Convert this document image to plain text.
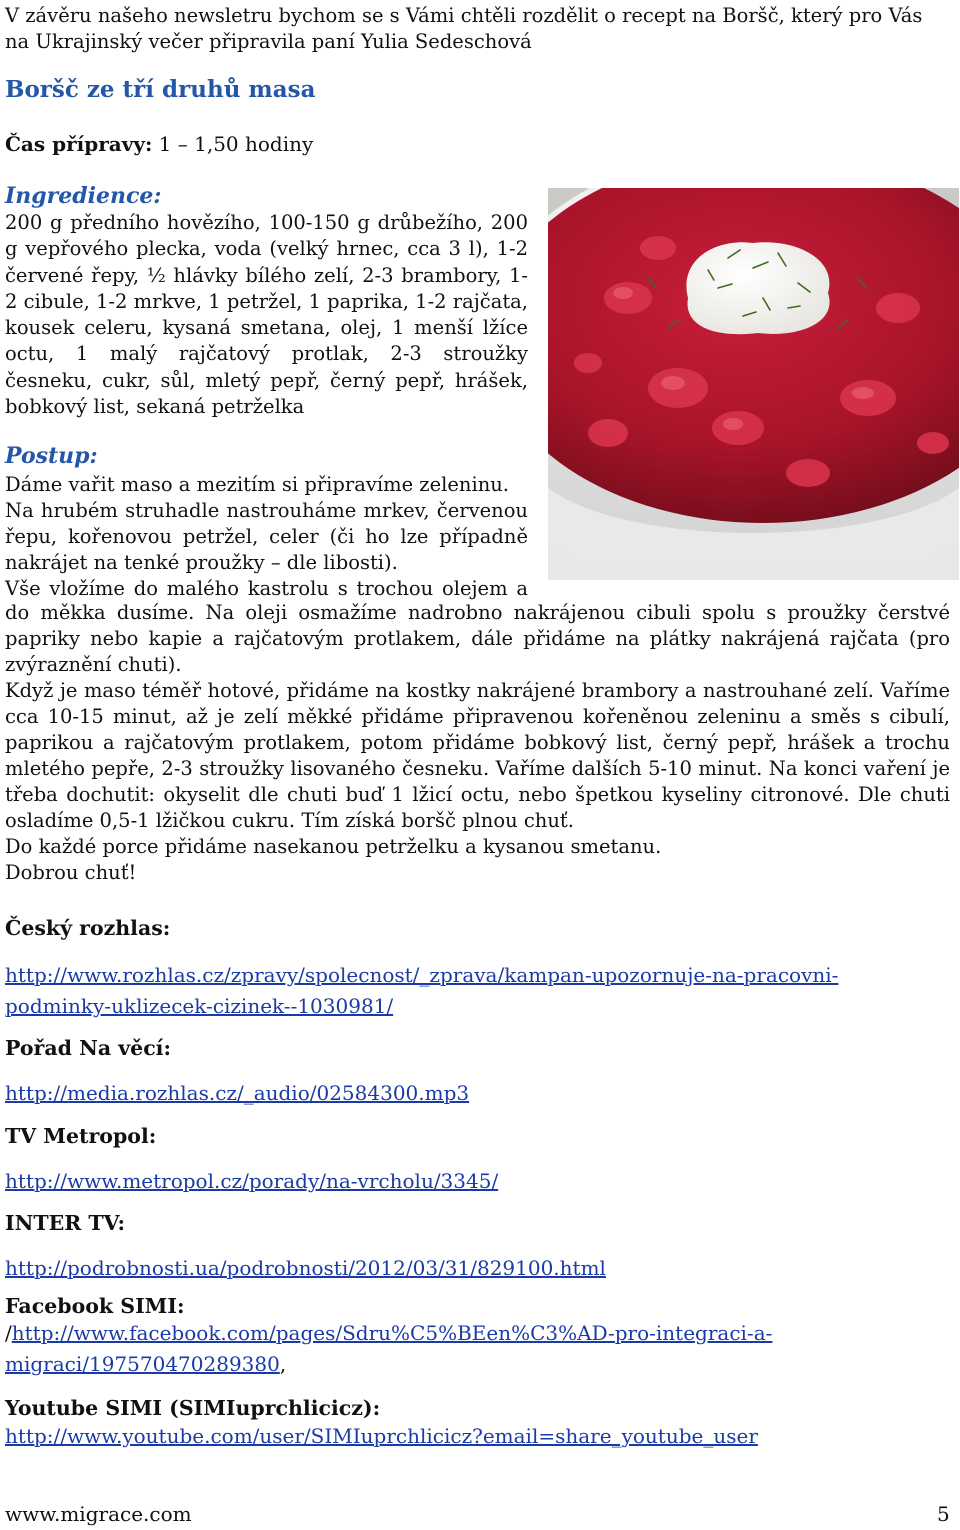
V závěru našeho newsletru bychom se s Vámi chtěli rozdělit o recept na Boršč, který pro Vás na Ukrajinský večer připravila paní Yulia Sedeschová

Boršč ze tří druhů masa

Čas přípravy: 1 – 1,50 hodiny

Ingredience:

200 g předního hovězího, 100-150 g drůbežího, 200 g vepřového plecka, voda (velký hrnec, cca 3 l), 1-2 červené řepy, ½ hlávky bílého zelí, 2-3 brambory, 1-2 cibule, 1-2 mrkve, 1 petržel, 1 paprika, 1-2 rajčata, kousek celeru, kysaná smetana, olej, 1 menší lžíce octu, 1 malý rajčatový protlak, 2-3 stroužky česneku, cukr, sůl, mletý pepř, černý pepř, hrášek, bobkový list, sekaná petrželka

Postup:

Dáme vařit maso a mezitím si připravíme zeleninu.

Na hrubém struhadle nastrouháme mrkev, červenou řepu, kořenovou petržel, celer (či ho lze případně nakrájet na tenké proužky – dle libosti).

Vše vložíme do malého kastrolu s trochou olejem a

do měkka dusíme. Na oleji osmažíme nadrobno nakrájenou cibuli spolu s proužky čerstvé papriky nebo kapie a rajčatovým protlakem, dále přidáme na plátky nakrájená rajčata (pro zvýraznění chuti).

Když je maso téměř hotové, přidáme na kostky nakrájené brambory a nastrouhané zelí. Vaříme cca 10-15 minut, až je zelí měkké přidáme připravenou kořeněnou zeleninu a směs s cibulí, paprikou a rajčatovým protlakem, potom přidáme bobkový list, černý pepř, hrášek a trochu mletého pepře, 2-3 stroužky lisovaného česneku. Vaříme dalších 5-10 minut. Na konci vaření je třeba dochutit: okyselit dle chuti buď 1 lžicí octu, nebo špetkou kyseliny citronové. Dle chuti osladíme 0,5-1 lžičkou cukru. Tím získá boršč plnou chuť.

Do každé porce přidáme nasekanou petrželku a kysanou smetanu.

Dobrou chuť!

Český rozhlas:
http://www.rozhlas.cz/zpravy/spolecnost/_zprava/kampan-upozornuje-na-pracovni-podminky-uklizecek-cizinek--1030981/
Pořad Na věcí:
http://media.rozhlas.cz/_audio/02584300.mp3
TV Metropol:
http://www.metropol.cz/porady/na-vrcholu/3345/
INTER TV:
http://podrobnosti.ua/podrobnosti/2012/03/31/829100.html
Facebook SIMI:
/http://www.facebook.com/pages/Sdru%C5%BEen%C3%AD-pro-integraci-a-migraci/197570470289380,
Youtube SIMI (SIMIuprchlicicz):
http://www.youtube.com/user/SIMIuprchlicicz?email=share_youtube_user
www.migrace.com	5
